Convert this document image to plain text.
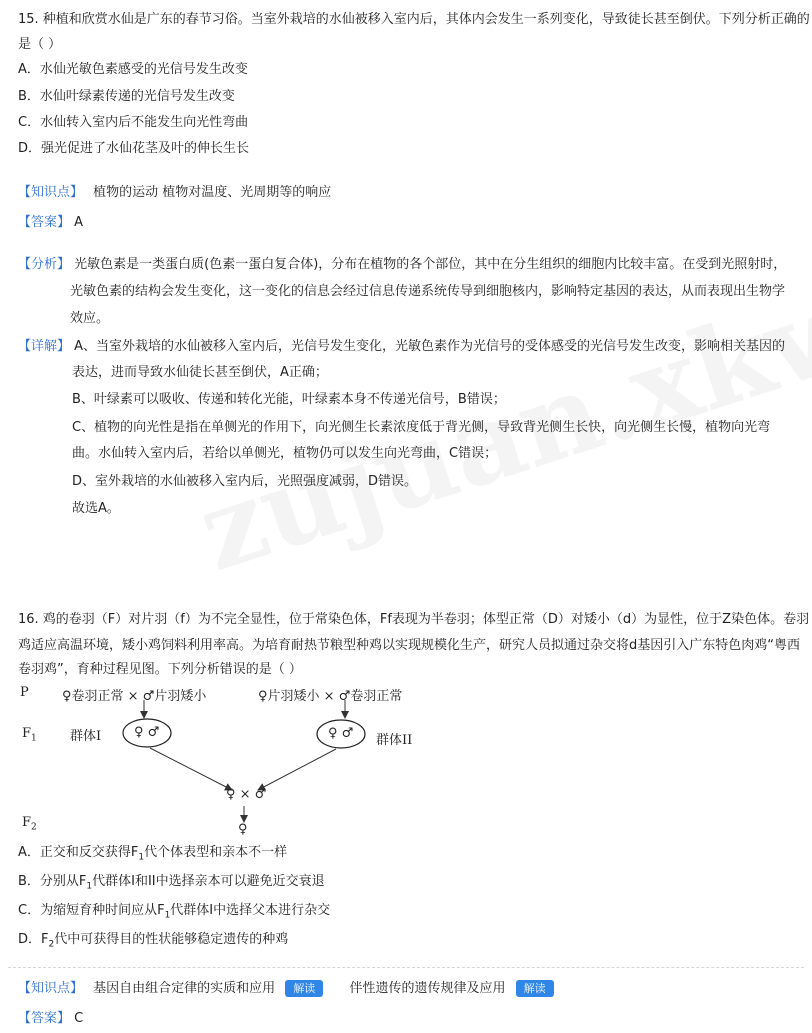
15. 种植和欣赏水仙是广东的春节习俗。当室外栽培的水仙被移入室内后，其体内会发生一系列变化，导致徒长甚至倒伏。下列分析正确的
是（ ）
A．水仙光敏色素感受的光信号发生改变
B．水仙叶绿素传递的光信号发生改变
C．水仙转入室内后不能发生向光性弯曲
D．强光促进了水仙花茎及叶的伸长生长
【知识点】 植物的运动 植物对温度、光周期等的响应
【答案】 A
【分析】 光敏色素是一类蛋白质(色素一蛋白复合体)，分布在植物的各个部位，其中在分生组织的细胞内比较丰富。在受到光照射时，
光敏色素的结构会发生变化，这一变化的信息会经过信息传递系统传导到细胞核内，影响特定基因的表达，从而表现出生物学
效应。
【详解】 A、当室外栽培的水仙被移入室内后，光信号发生变化，光敏色素作为光信号的受体感受的光信号发生改变，影响相关基因的
表达，进而导致水仙徒长甚至倒伏，A正确；
B、叶绿素可以吸收、传递和转化光能，叶绿素本身不传递光信号，B错误；
C、植物的向光性是指在单侧光的作用下，向光侧生长素浓度低于背光侧，导致背光侧生长快，向光侧生长慢，植物向光弯
曲。水仙转入室内后，若给以单侧光，植物仍可以发生向光弯曲，C错误；
D、室外栽培的水仙被移入室内后，光照强度减弱，D错误。
故选A。
16. 鸡的卷羽（F）对片羽（f）为不完全显性，位于常染色体，Ff表现为半卷羽；体型正常（D）对矮小（d）为显性，位于Z染色体。卷羽
鸡适应高温环境，矮小鸡饲料利用率高。为培育耐热节粮型种鸡以实现规模化生产，研究人员拟通过杂交将d基因引入广东特色肉鸡“粤西
卷羽鸡”，育种过程见图。下列分析错误的是（ ）
P	♀卷羽正常 × ♂片羽矮小	♀片羽矮小 × ♂卷羽正常
$F_1$	群体I	♀ ♂	♀ ♂ 群体II
♀ × ♂
♀
$F_2$
A．正交和反交获得$F_1$代个体表型和亲本不一样
B．分别从$F_1$代群体I和II中选择亲本可以避免近交衰退
C．为缩短育种时间应从$F_1$代群体I中选择父本进行杂交
D．$F_2$代中可获得目的性状能够稳定遗传的种鸡
【知识点】 基因自由组合定律的实质和应用 解读	伴性遗传的遗传规律及应用 解读
【答案】 C
